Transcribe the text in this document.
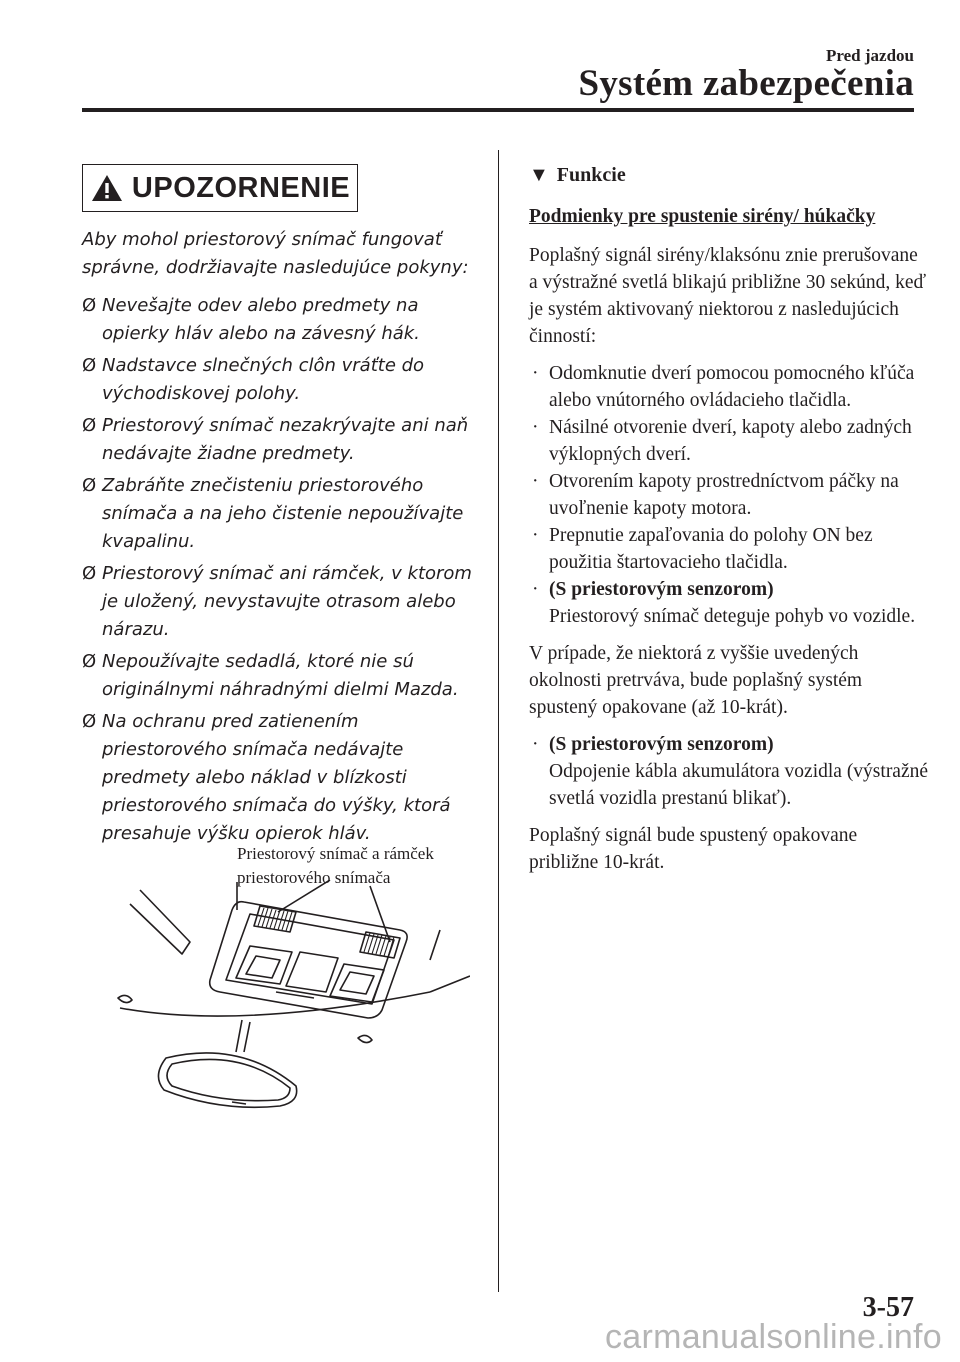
Pred jazdou
Systém zabezpečenia
UPOZORNENIE

Aby mohol priestorový snímač fungovať správne, dodržiavajte nasledujúce pokyny:

Ø Nevešajte odev alebo predmety na opierky hláv alebo na závesný hák.
Ø Nadstavce slnečných clôn vráťte do východiskovej polohy.
Ø Priestorový snímač nezakrývajte ani naň nedávajte žiadne predmety.
Ø Zabráňte znečisteniu priestorového snímača a na jeho čistenie nepoužívajte kvapalinu.
Ø Priestorový snímač ani rámček, v ktorom je uložený, nevystavujte otrasom alebo nárazu.
Ø Nepoužívajte sedadlá, ktoré nie sú originálnymi náhradnými dielmi Mazda.
Ø Na ochranu pred zatienením priestorového snímača nedávajte predmety alebo náklad v blízkosti priestorového snímača do výšky, ktorá presahuje výšku opierok hláv.
Priestorový snímač a rámček
priestorového snímača
▼ Funkcie
Podmienky pre spustenie sirény/ húkačky

Poplašný signál sirény/klaksónu znie prerušovane a výstražné svetlá blikajú približne 30 sekúnd, keď je systém aktivovaný niektorou z nasledujúcich činností:

· Odomknutie dverí pomocou pomocného kľúča alebo vnútorného ovládacieho tlačidla.
· Násilné otvorenie dverí, kapoty alebo zadných výklopných dverí.
· Otvorením kapoty prostredníctvom páčky na uvoľnenie kapoty motora.
· Prepnutie zapaľovania do polohy ON bez použitia štartovacieho tlačidla.
· (S priestorovým senzorom)
Priestorový snímač deteguje pohyb vo vozidle.

V prípade, že niektorá z vyššie uvedených okolnosti pretrváva, bude poplašný systém spustený opakovane (až 10-krát).

· (S priestorovým senzorom)
Odpojenie kábla akumulátora vozidla (výstražné svetlá vozidla prestanú blikať).

Poplašný signál bude spustený opakovane približne 10-krát.

3-57
carmanualsonline.info
